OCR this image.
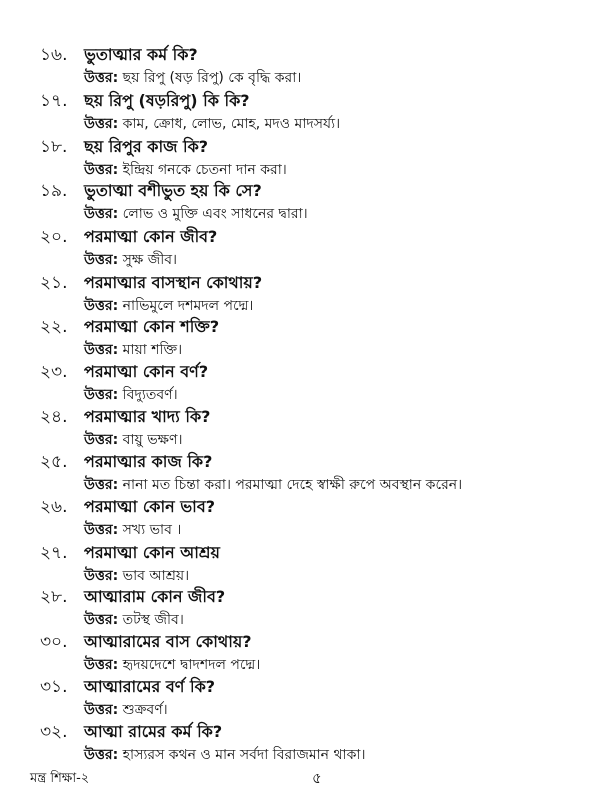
১৬. ভুতাত্মার কর্ম কি?
উত্তর: ছয় রিপু (ষড় রিপু) কে বৃদ্ধি করা।
১৭. ছয় রিপু (ষড়রিপু) কি কি?
উত্তর: কাম, ক্রোধ, লোভ, মোহ, মদও মাদসর্য্য।
১৮. ছয় রিপুর কাজ কি?
উত্তর: ইন্দ্রিয় গনকে চেতনা দান করা।
১৯. ভুতাত্মা বশীভুত হয় কি সে?
উত্তর: লোভ ও মুক্তি এবং সাধনের দ্বারা।
২০. পরমাত্মা কোন জীব?
উত্তর: সুক্ষ জীব।
২১. পরমাত্মার বাসস্থান কোথায়?
উত্তর: নাভিমুলে দশমদল পদ্মে।
২২. পরমাত্মা কোন শক্তি?
উত্তর: মায়া শক্তি।
২৩. পরমাত্মা কোন বর্ণ?
উত্তর: বিদ্যুতবর্ণ।
২৪. পরমাত্মার খাদ্য কি?
উত্তর: বায়ু ভক্ষণ।
২৫. পরমাত্মার কাজ কি?
উত্তর: নানা মত চিন্তা করা। পরমাত্মা দেহে স্বাক্ষী রুপে অবস্থান করেন।
২৬. পরমাত্মা কোন ভাব?
উত্তর: সখ্য ভাব ।
২৭. পরমাত্মা কোন আশ্রয়
উত্তর: ভাব আশ্রয়।
২৮. আত্মারাম কোন জীব?
উত্তর: তটস্থ জীব।
৩০. আত্মারামের বাস কোথায়?
উত্তর: হৃদয়দেশে দ্বাদশদল পদ্মে।
৩১. আত্মারামের বর্ণ কি?
উত্তর: শুক্রবর্ণ।
৩২. আত্মা রামের কর্ম কি?
উত্তর: হাস্যরস কথন ও মান সর্বদা বিরাজমান থাকা।
মন্ত্র শিক্ষা-২	৫
